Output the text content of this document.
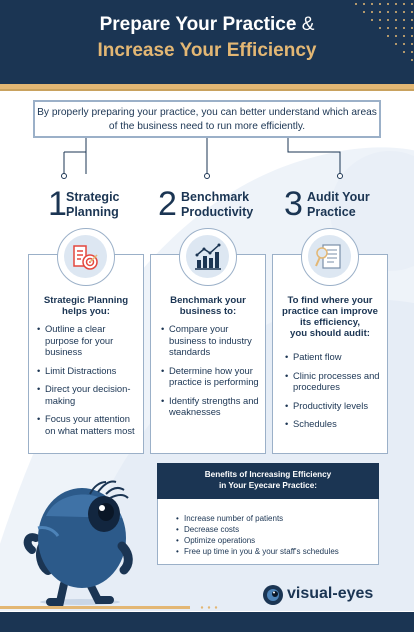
Prepare Your Practice &
Increase Your Efficiency
By properly preparing your practice, you can better understand which areas of the business need to run more efficiently.
1 Strategic
Planning 2 Benchmark
Productivity 3 Audit Your
Practice
Strategic Planning
helps you:
• Outline a clear purpose for your business
• Limit Distractions
• Direct your decision-making
• Focus your attention on what matters most
Benchmark your
business to:
• Compare your business to industry standards
• Determine how your practice is performing
• Identify strengths and weaknesses
To find where your
practice can improve
its efficiency,
you should audit:
• Patient flow
• Clinic processes and procedures
• Productivity levels
• Schedules
Benefits of Increasing Efficiency
in Your Eyecare Practice:
• Increase number of patients
• Decrease costs
• Optimize operations
• Free up time in you & your staff's schedules
visual-eyes
